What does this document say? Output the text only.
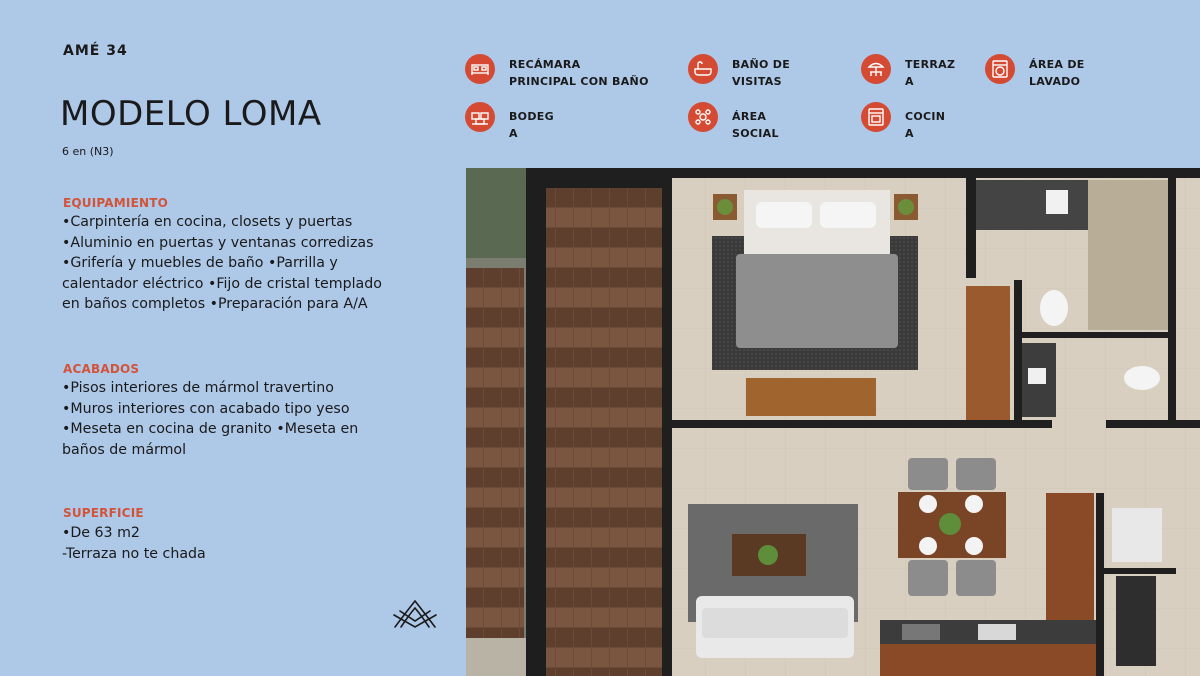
AMÉ 34
MODELO LOMA
6 en (N3)
EQUIPAMIENTO
•Carpintería en cocina, closets y puertas
•Aluminio en puertas y ventanas corredizas
•Grifería y muebles de baño •Parrilla y
calentador eléctrico •Fijo de cristal templado
en baños completos •Preparación para A/A
ACABADOS
•Pisos interiores de mármol travertino
•Muros interiores con acabado tipo yeso
•Meseta en cocina de granito •Meseta en
baños de mármol
SUPERFICIE
•De 63 m2
-Terraza no te chada
RECÁMARA
PRINCIPAL CON BAÑO
BAÑO DE
VISITAS
TERRAZ
A
ÁREA DE
LAVADO
BODEG
A
ÁREA
SOCIAL
COCIN
A
